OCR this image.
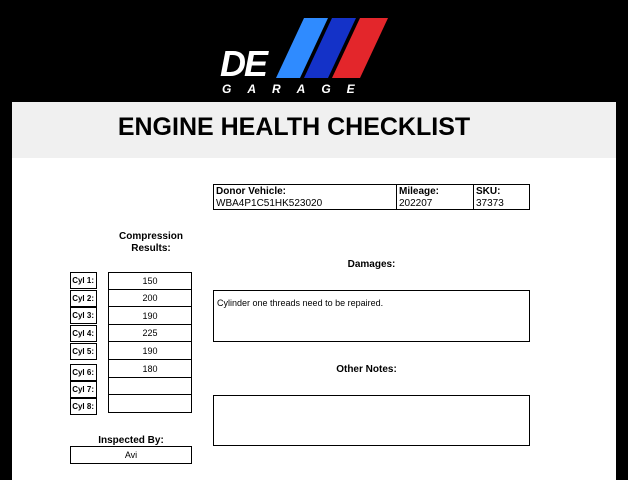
DE
GARAGE
ENGINE HEALTH CHECKLIST
Donor Vehicle:
WBA4P1C51HK523020
Mileage:
202207
SKU:
37373
Compression Results:
Cyl 1:
Cyl 2:
Cyl 3:
Cyl 4:
Cyl 5:
Cyl 6:
Cyl 7:
Cyl 8:
150
200
190
225
190
180
Damages:
Cylinder one threads need to be repaired.
Other Notes:
Inspected By:
Avi
